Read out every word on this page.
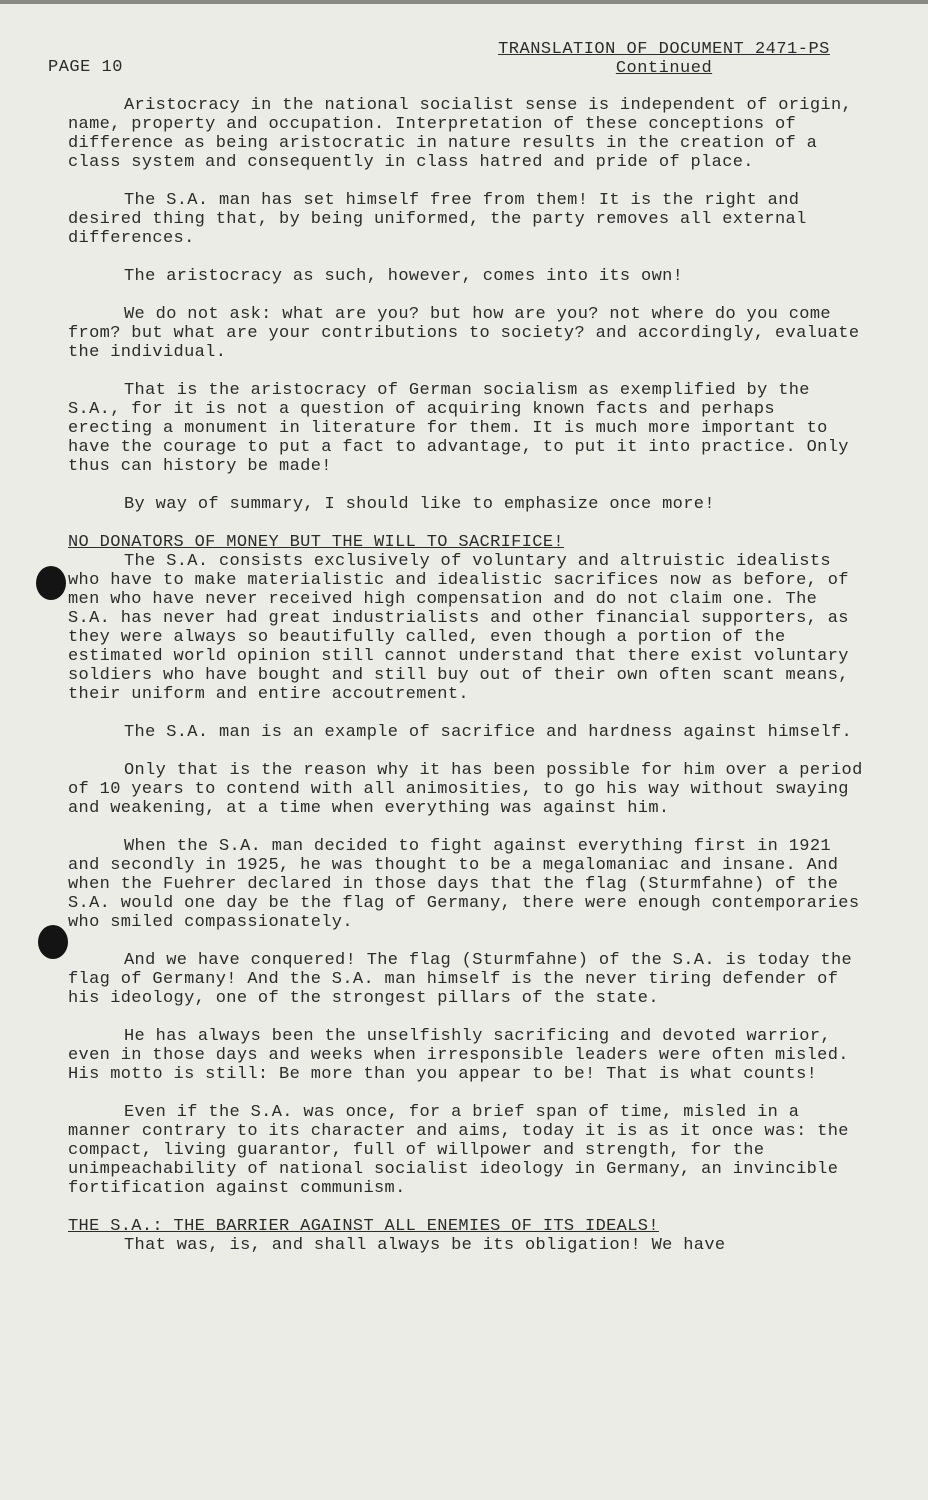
PAGE 10
TRANSLATION OF DOCUMENT 2471-PS
Continued

Aristocracy in the national socialist sense is independent of origin, name, property and occupation. Interpretation of these conceptions of difference as being aristocratic in nature results in the creation of a class system and consequently in class hatred and pride of place.

The S.A. man has set himself free from them! It is the right and desired thing that, by being uniformed, the party removes all external differences.

The aristocracy as such, however, comes into its own!

We do not ask: what are you? but how are you? not where do you come from? but what are your contributions to society? and accordingly, evaluate the individual.

That is the aristocracy of German socialism as exemplified by the S.A., for it is not a question of acquiring known facts and perhaps erecting a monument in literature for them. It is much more important to have the courage to put a fact to advantage, to put it into practice. Only thus can history be made!

By way of summary, I should like to emphasize once more!

NO DONATORS OF MONEY BUT THE WILL TO SACRIFICE!

The S.A. consists exclusively of voluntary and altruistic idealists who have to make materialistic and idealistic sacrifices now as before, of men who have never received high compensation and do not claim one. The S.A. has never had great industrialists and other financial supporters, as they were always so beautifully called, even though a portion of the estimated world opinion still cannot understand that there exist voluntary soldiers who have bought and still buy out of their own often scant means, their uniform and entire accoutrement.

The S.A. man is an example of sacrifice and hardness against himself.

Only that is the reason why it has been possible for him over a period of 10 years to contend with all animosities, to go his way without swaying and weakening, at a time when everything was against him.

When the S.A. man decided to fight against everything first in 1921 and secondly in 1925, he was thought to be a megalomaniac and insane. And when the Fuehrer declared in those days that the flag (Sturmfahne) of the S.A. would one day be the flag of Germany, there were enough contemporaries who smiled compassionately.

And we have conquered! The flag (Sturmfahne) of the S.A. is today the flag of Germany! And the S.A. man himself is the never tiring defender of his ideology, one of the strongest pillars of the state.

He has always been the unselfishly sacrificing and devoted warrior, even in those days and weeks when irresponsible leaders were often misled. His motto is still: Be more than you appear to be! That is what counts!

Even if the S.A. was once, for a brief span of time, misled in a manner contrary to its character and aims, today it is as it once was: the compact, living guarantor, full of willpower and strength, for the unimpeachability of national socialist ideology in Germany, an invincible fortification against communism.

THE S.A.: THE BARRIER AGAINST ALL ENEMIES OF ITS IDEALS!

That was, is, and shall always be its obligation! We have
